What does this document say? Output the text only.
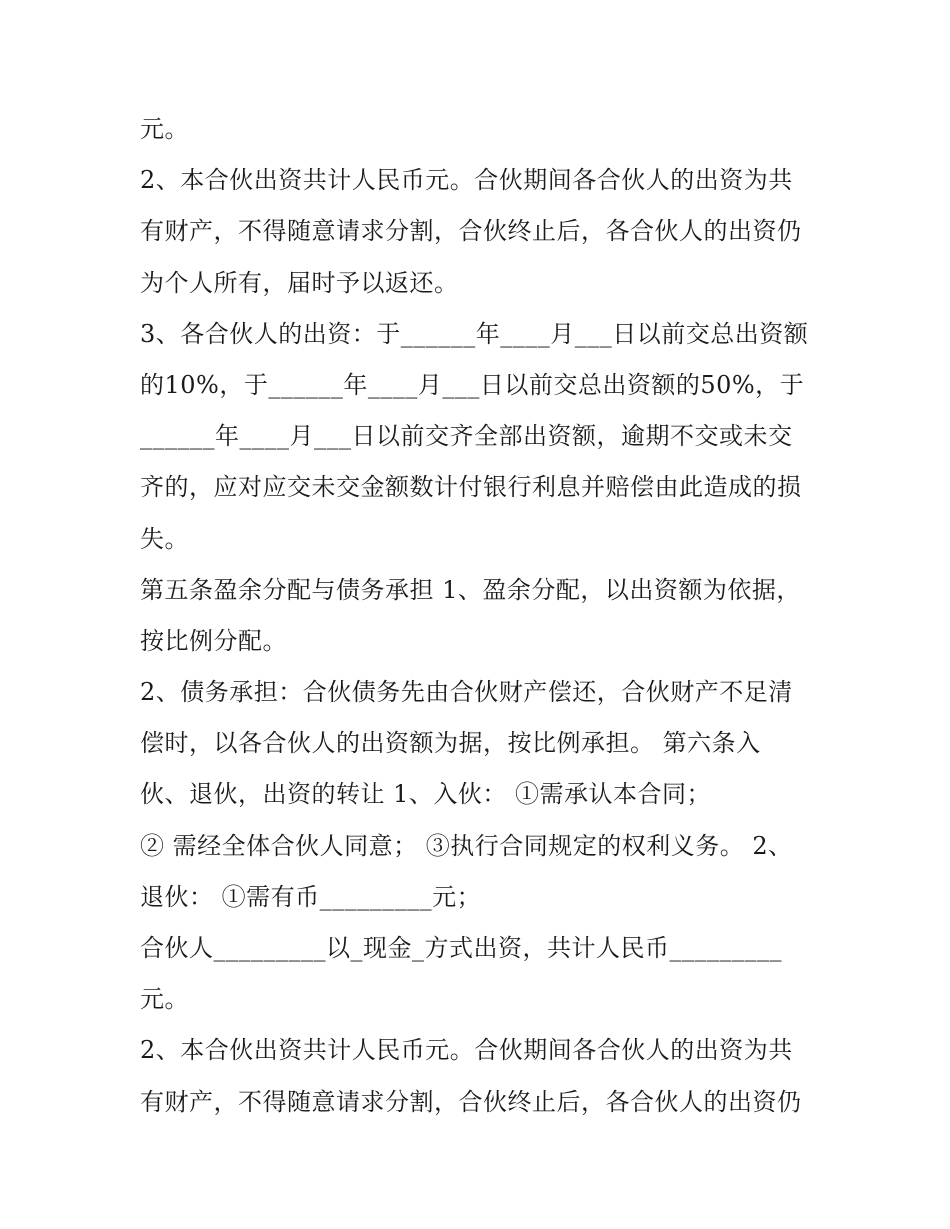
元。
2、本合伙出资共计人民币元。合伙期间各合伙人的出资为共
有财产，不得随意请求分割，合伙终止后，各合伙人的出资仍
为个人所有，届时予以返还。
3、各合伙人的出资：于______年____月___日以前交总出资额
的10%，于______年____月___日以前交总出资额的50%，于
______年____月___日以前交齐全部出资额，逾期不交或未交
齐的，应对应交未交金额数计付银行利息并赔偿由此造成的损
失。
第五条盈余分配与债务承担 1、盈余分配，以出资额为依据，
按比例分配。
2、债务承担：合伙债务先由合伙财产偿还，合伙财产不足清
偿时，以各合伙人的出资额为据，按比例承担。 第六条入
伙、退伙，出资的转让 1、入伙： ①需承认本合同；
② 需经全体合伙人同意； ③执行合同规定的权利义务。 2、
退伙： ①需有币_________元；
合伙人_________以_现金_方式出资，共计人民币_________
元。
2、本合伙出资共计人民币元。合伙期间各合伙人的出资为共
有财产，不得随意请求分割，合伙终止后，各合伙人的出资仍
